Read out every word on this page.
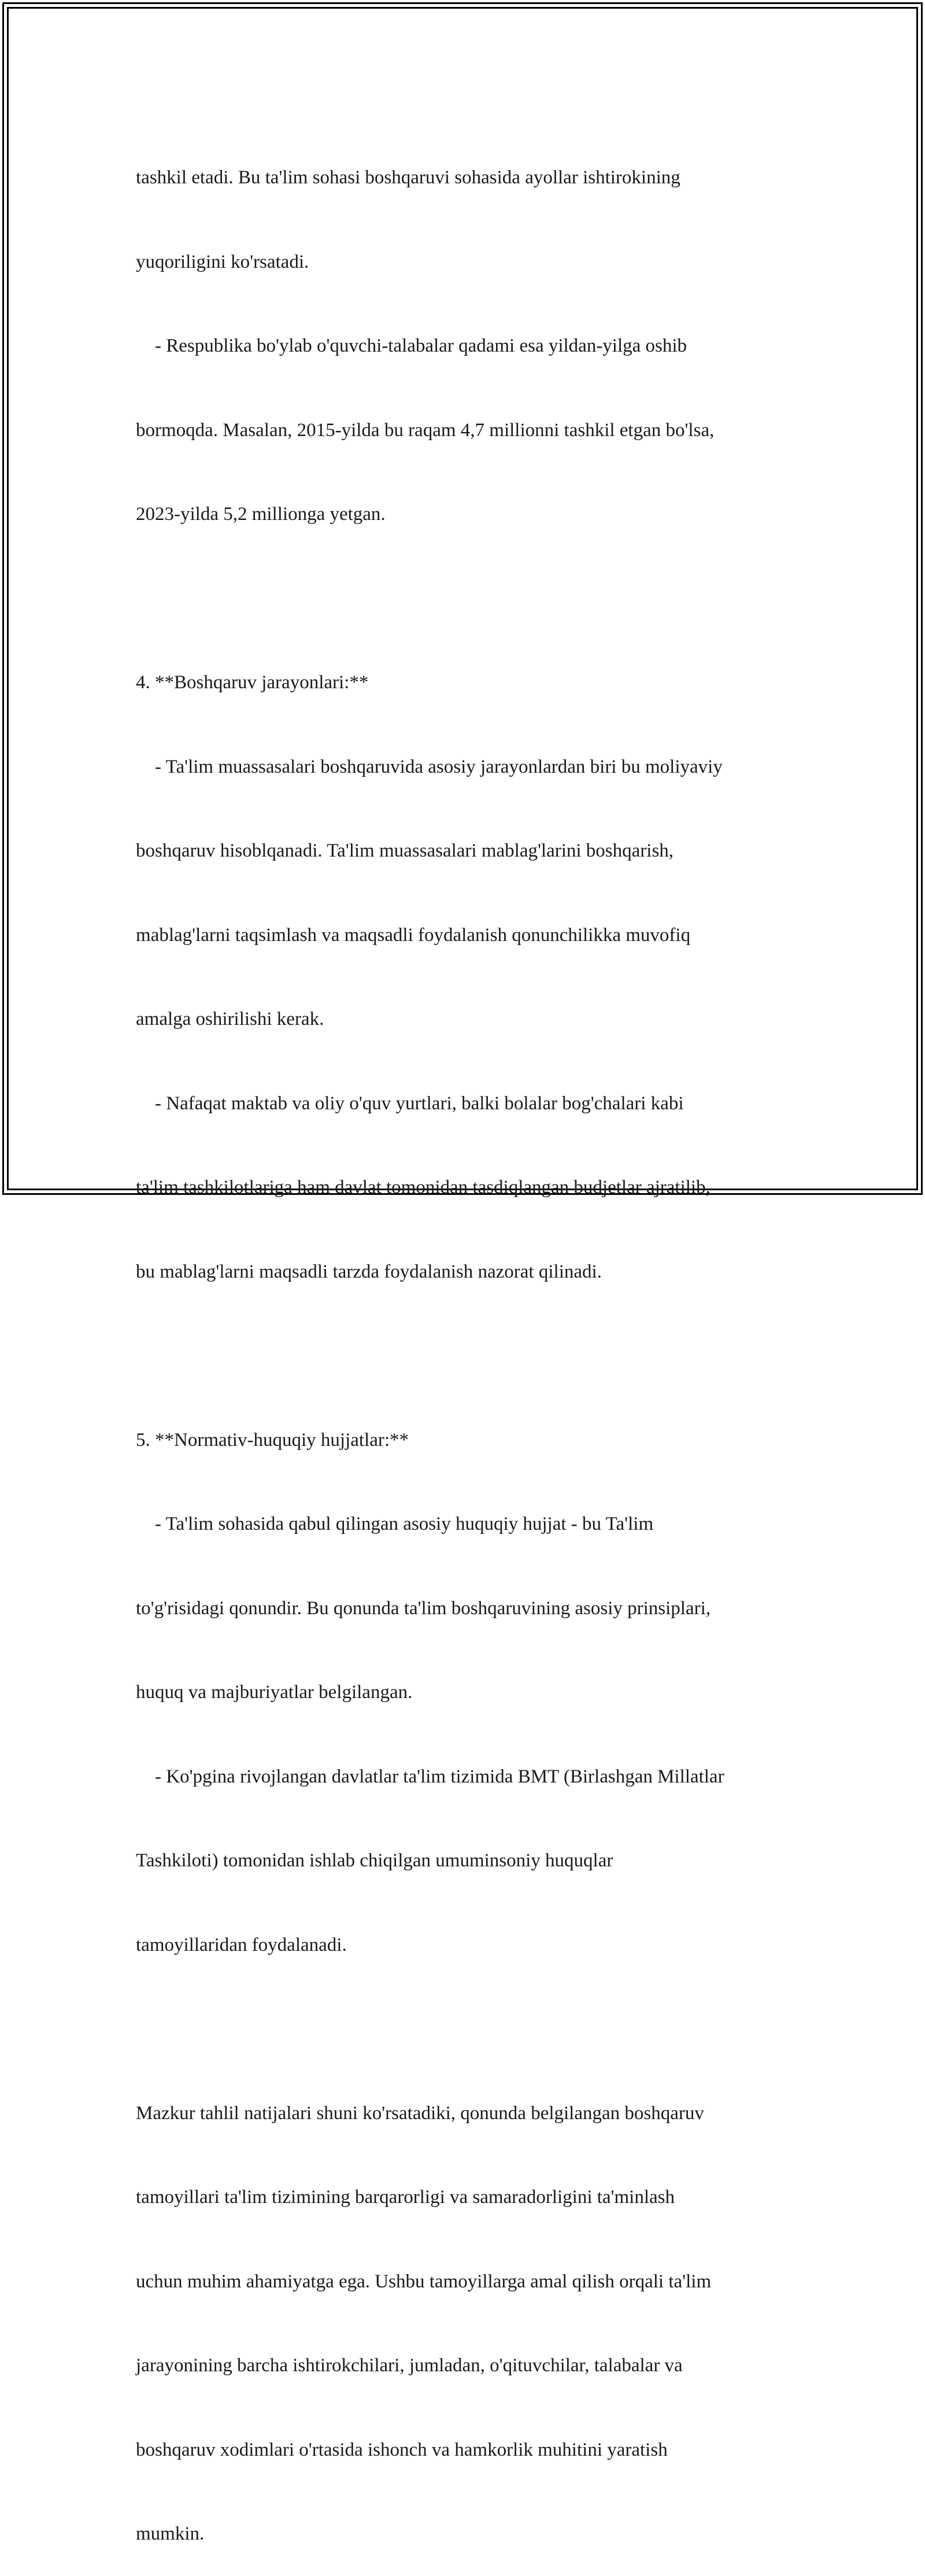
tashkil etadi. Bu ta'lim sohasi boshqaruvi sohasida ayollar ishtirokining

yuqoriligini ko'rsatadi.

- Respublika bo'ylab o'quvchi-talabalar qadami esa yildan-yilga oshib

bormoqda. Masalan, 2015-yilda bu raqam 4,7 millionni tashkil etgan bo'lsa,

2023-yilda 5,2 millionga yetgan.

4. **Boshqaruv jarayonlari:**

- Ta'lim muassasalari boshqaruvida asosiy jarayonlardan biri bu moliyaviy

boshqaruv hisoblqanadi. Ta'lim muassasalari mablag'larini boshqarish,

mablag'larni taqsimlash va maqsadli foydalanish qonunchilikka muvofiq

amalga oshirilishi kerak.

- Nafaqat maktab va oliy o'quv yurtlari, balki bolalar bog'chalari kabi

ta'lim tashkilotlariga ham davlat tomonidan tasdiqlangan budjetlar ajratilib,

bu mablag'larni maqsadli tarzda foydalanish nazorat qilinadi.

5. **Normativ-huquqiy hujjatlar:**

- Ta'lim sohasida qabul qilingan asosiy huquqiy hujjat - bu Ta'lim

to'g'risidagi qonundir. Bu qonunda ta'lim boshqaruvining asosiy prinsiplari,

huquq va majburiyatlar belgilangan.

- Ko'pgina rivojlangan davlatlar ta'lim tizimida BMT (Birlashgan Millatlar

Tashkiloti) tomonidan ishlab chiqilgan umuminsoniy huquqlar

tamoyillaridan foydalanadi.

Mazkur tahlil natijalari shuni ko'rsatadiki, qonunda belgilangan boshqaruv

tamoyillari ta'lim tizimining barqarorligi va samaradorligini ta'minlash

uchun muhim ahamiyatga ega. Ushbu tamoyillarga amal qilish orqali ta'lim

jarayonining barcha ishtirokchilari, jumladan, o'qituvchilar, talabalar va

boshqaruv xodimlari o'rtasida ishonch va hamkorlik muhitini yaratish

mumkin.
